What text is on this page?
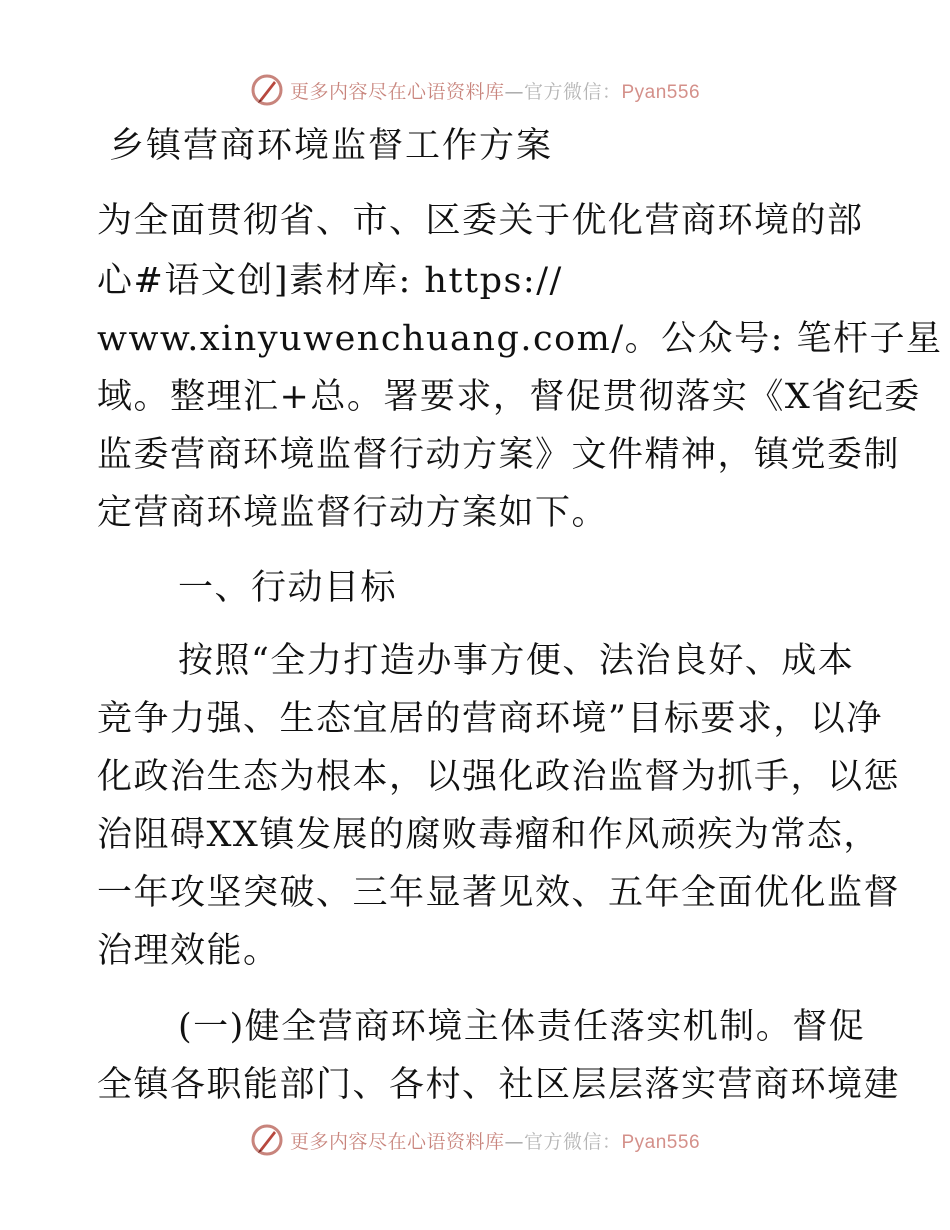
更多内容尽在心语资料库—官方微信：Pyan556
乡镇营商环境监督工作方案

为全面贯彻省、市、区委关于优化营商环境的部

心#语文创]素材库: https://

www.xinyuwenchuang.com/。公众号: 笔杆子星

域。整理汇+总。署要求，督促贯彻落实《X省纪委

监委营商环境监督行动方案》文件精神，镇党委制

定营商环境监督行动方案如下。

一、行动目标

按照“全力打造办事方便、法治良好、成本

竞争力强、生态宜居的营商环境”目标要求，以净

化政治生态为根本，以强化政治监督为抓手，以惩

治阻碍XX镇发展的腐败毒瘤和作风顽疾为常态，

一年攻坚突破、三年显著见效、五年全面优化监督

治理效能。

(一)健全营商环境主体责任落实机制。督促

全镇各职能部门、各村、社区层层落实营商环境建

更多内容尽在心语资料库—官方微信：Pyan556
